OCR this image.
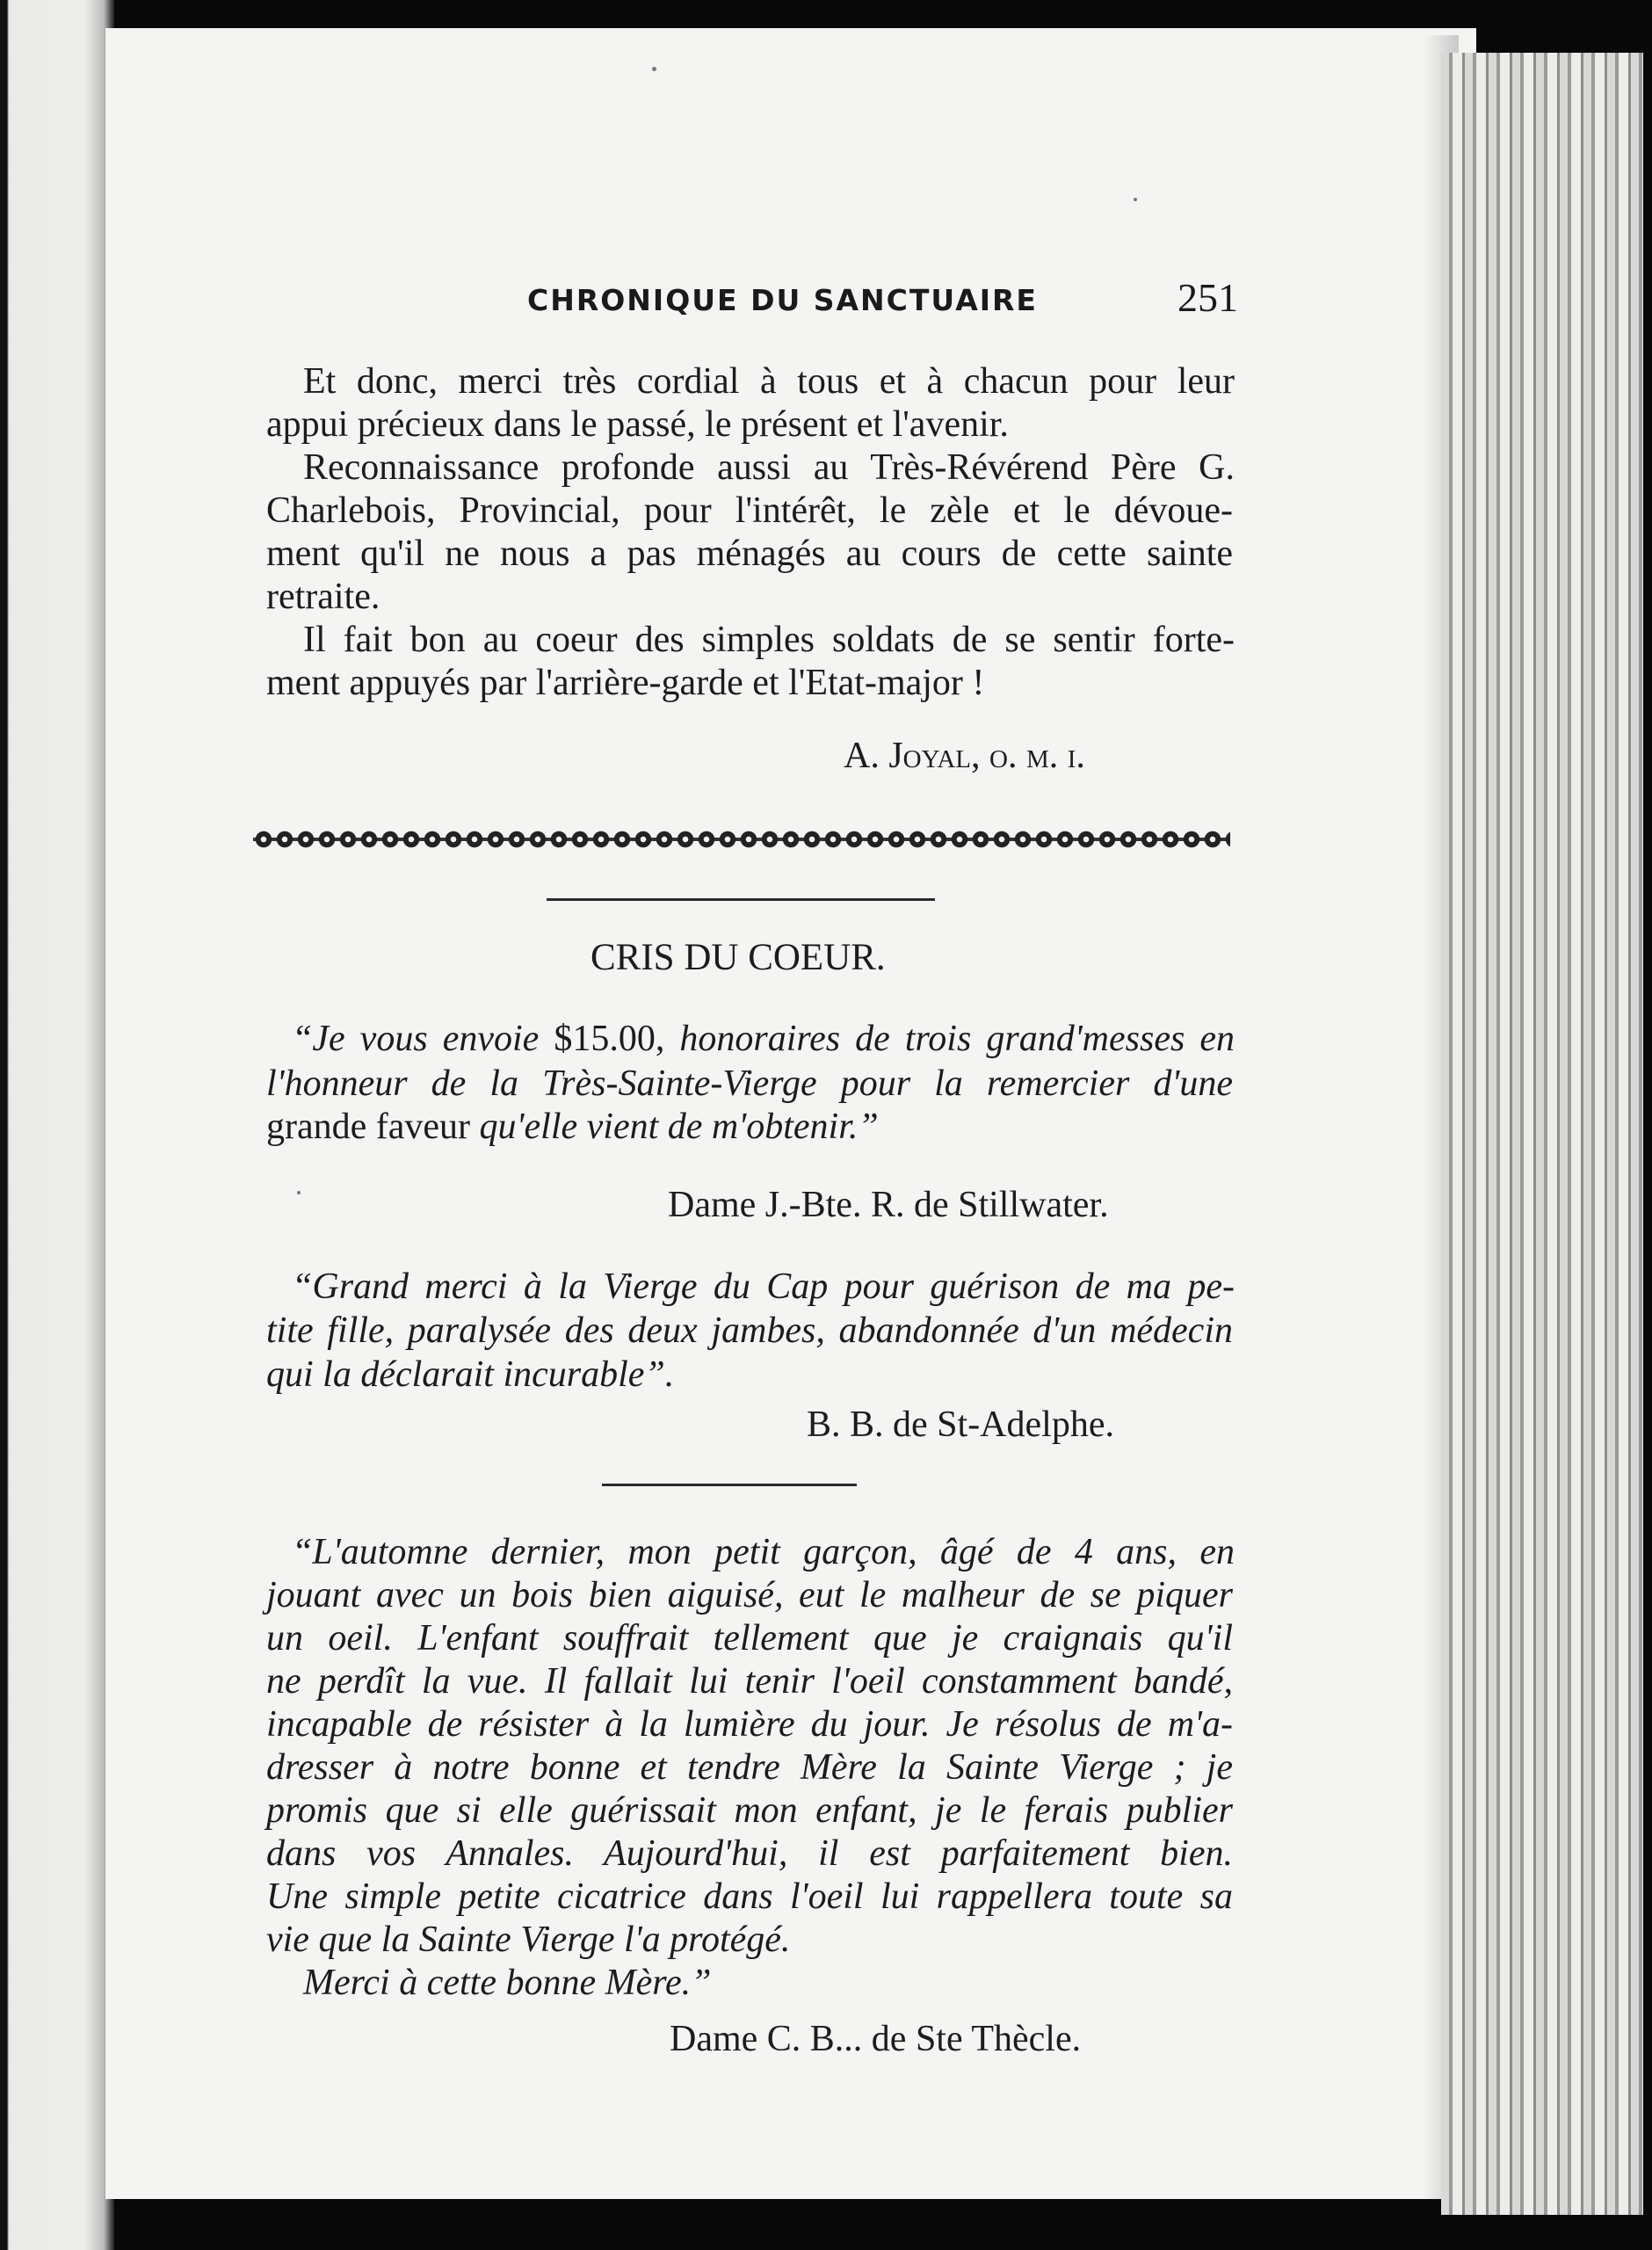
CHRONIQUE DU SANCTUAIRE	251
Et donc, merci très cordial à tous et à chacun pour leur
appui précieux dans le passé, le présent et l'avenir.
Reconnaissance profonde aussi au Très-Révérend Père G.
Charlebois, Provincial, pour l'intérêt, le zèle et le dévoue-
ment qu'il ne nous a pas ménagés au cours de cette sainte
retraite.
Il fait bon au coeur des simples soldats de se sentir forte-
ment appuyés par l'arrière-garde et l'Etat-major !
A. Joyal, o. m. i.
CRIS DU COEUR.
“Je vous envoie $15.00, honoraires de trois grand'messes en
l'honneur de la Très-Sainte-Vierge pour la remercier d'une
grande faveur qu'elle vient de m'obtenir.”
Dame J.-Bte. R. de Stillwater.
“Grand merci à la Vierge du Cap pour guérison de ma pe-
tite fille, paralysée des deux jambes, abandonnée d'un médecin
qui la déclarait incurable”.
B. B. de St-Adelphe.
“L'automne dernier, mon petit garçon, âgé de 4 ans, en
jouant avec un bois bien aiguisé, eut le malheur de se piquer
un oeil. L'enfant souffrait tellement que je craignais qu'il
ne perdît la vue. Il fallait lui tenir l'oeil constamment bandé,
incapable de résister à la lumière du jour. Je résolus de m'a-
dresser à notre bonne et tendre Mère la Sainte Vierge ; je
promis que si elle guérissait mon enfant, je le ferais publier
dans vos Annales. Aujourd'hui, il est parfaitement bien.
Une simple petite cicatrice dans l'oeil lui rappellera toute sa
vie que la Sainte Vierge l'a protégé.
Merci à cette bonne Mère.”
Dame C. B... de Ste Thècle.
